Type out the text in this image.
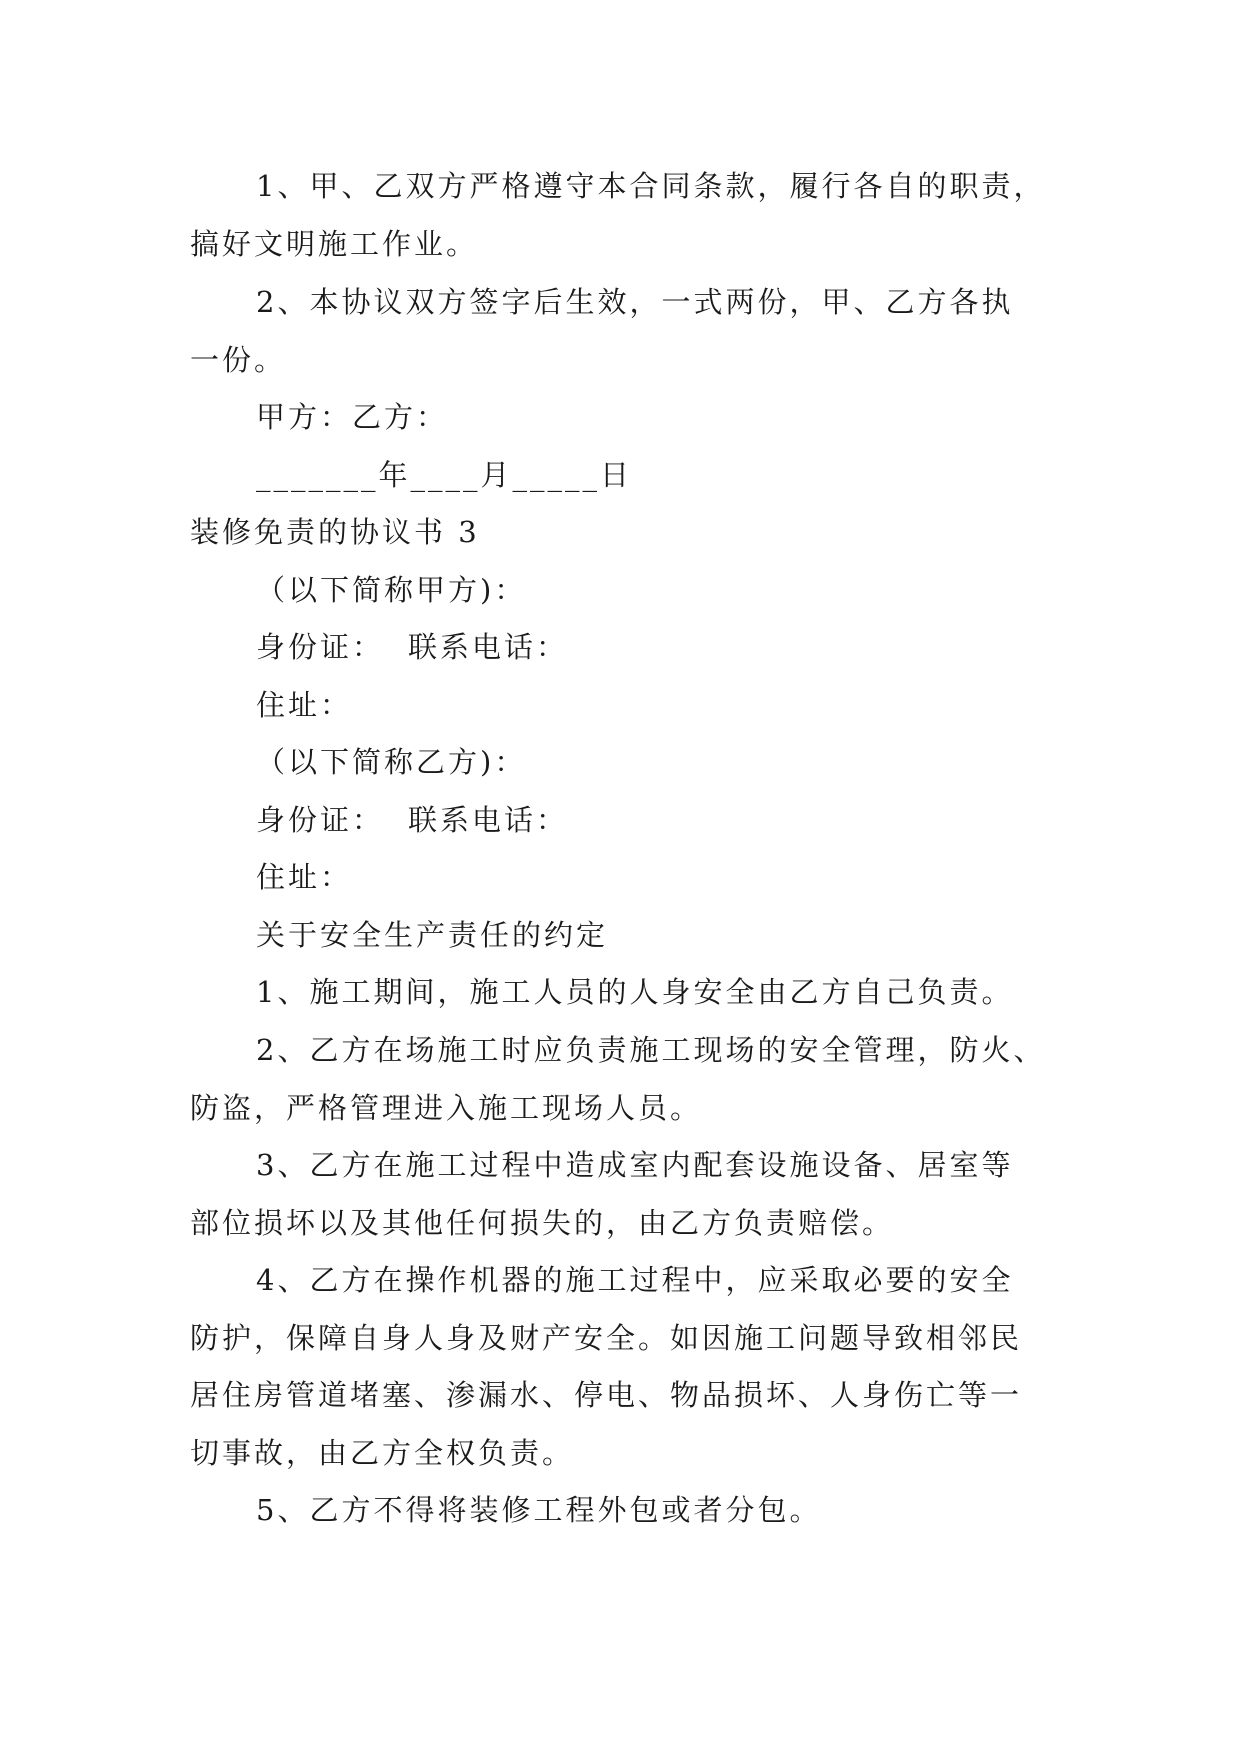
1、甲、乙双方严格遵守本合同条款，履行各自的职责，
搞好文明施工作业。
2、本协议双方签字后生效，一式两份，甲、乙方各执
一份。
甲方：乙方：
_______年____月_____日
装修免责的协议书 3
（以下简称甲方)：
身份证： 联系电话：
住址：
（以下简称乙方)：
身份证： 联系电话：
住址：
关于安全生产责任的约定
1、施工期间，施工人员的人身安全由乙方自己负责。
2、乙方在场施工时应负责施工现场的安全管理，防火、
防盗，严格管理进入施工现场人员。
3、乙方在施工过程中造成室内配套设施设备、居室等
部位损坏以及其他任何损失的，由乙方负责赔偿。
4、乙方在操作机器的施工过程中，应采取必要的安全
防护，保障自身人身及财产安全。如因施工问题导致相邻民
居住房管道堵塞、渗漏水、停电、物品损坏、人身伤亡等一
切事故，由乙方全权负责。
5、乙方不得将装修工程外包或者分包。
